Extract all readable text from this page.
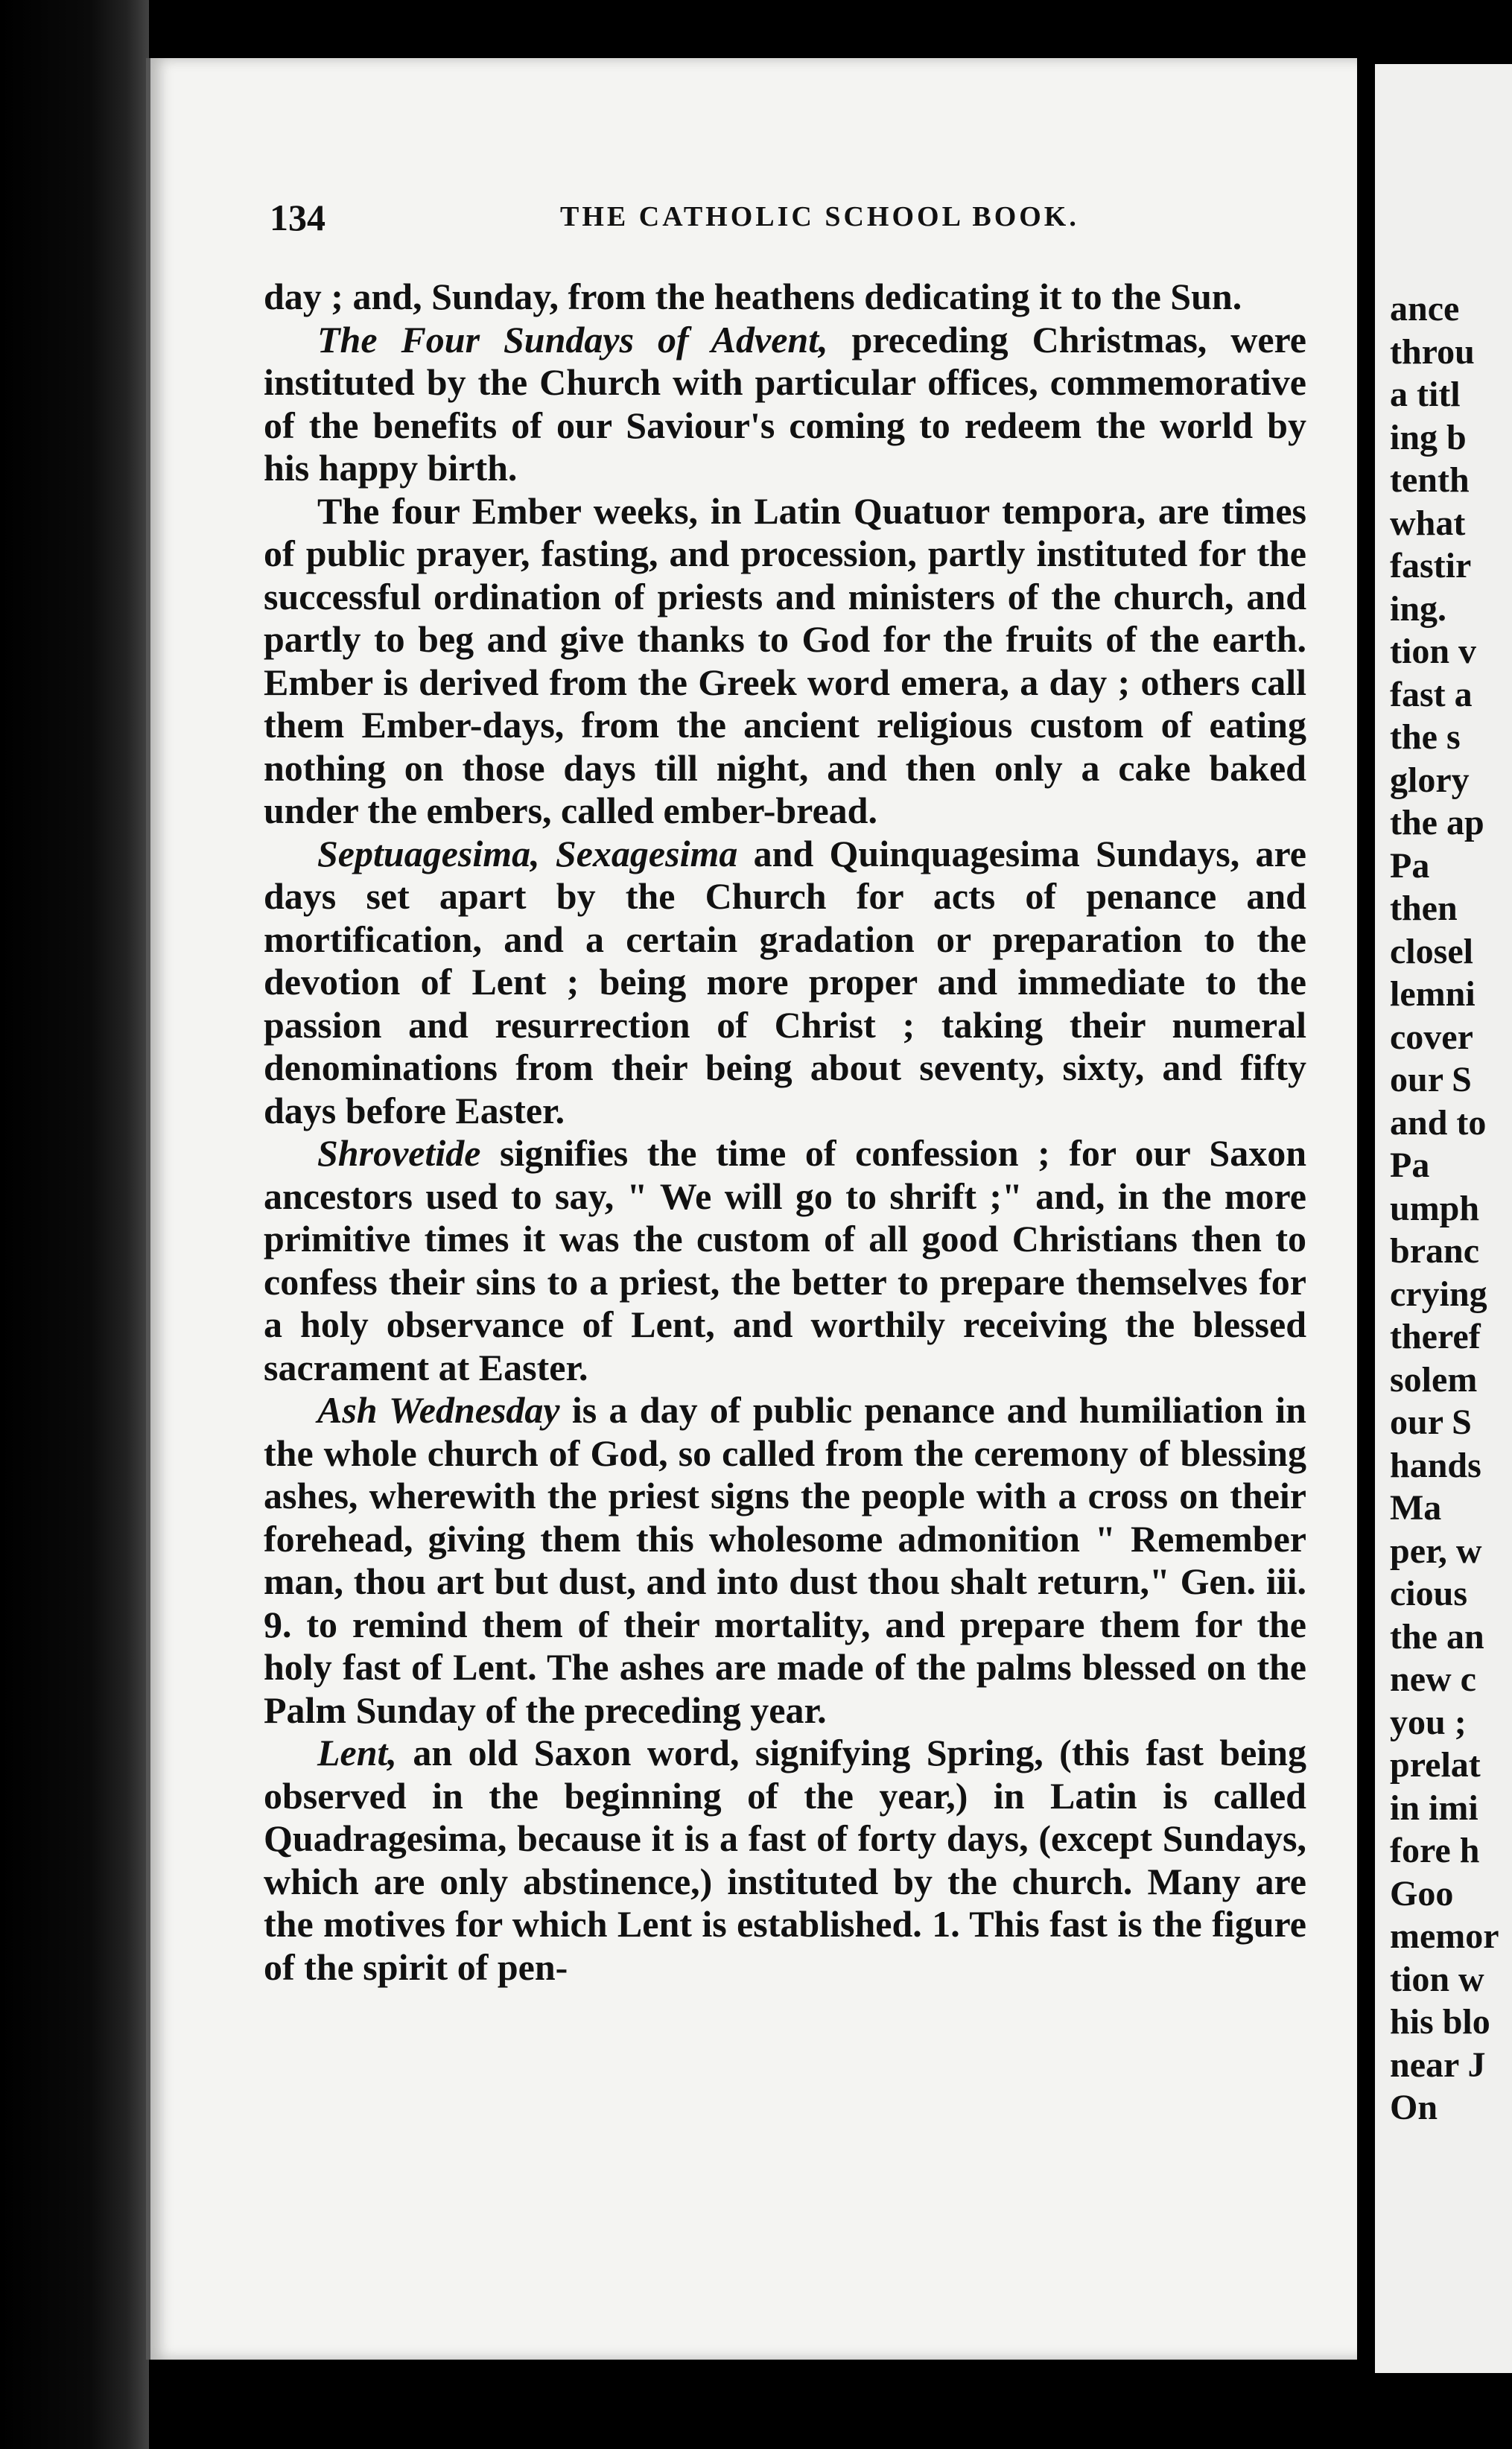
134	THE CATHOLIC SCHOOL BOOK.

day ; and, Sunday, from the heathens dedicating it to the Sun.

The Four Sundays of Advent, preceding Christmas, were instituted by the Church with particular offices, commemorative of the benefits of our Saviour's coming to redeem the world by his happy birth.

The four Ember weeks, in Latin Quatuor tempora, are times of public prayer, fasting, and procession, partly instituted for the successful ordination of priests and ministers of the church, and partly to beg and give thanks to God for the fruits of the earth. Ember is derived from the Greek word emera, a day ; others call them Ember-days, from the ancient religious custom of eating nothing on those days till night, and then only a cake baked under the embers, called ember-bread.

Septuagesima, Sexagesima and Quinquagesima Sundays, are days set apart by the Church for acts of penance and mortification, and a certain gradation or preparation to the devotion of Lent ; being more proper and immediate to the passion and resurrection of Christ ; taking their numeral denominations from their being about seventy, sixty, and fifty days before Easter.

Shrovetide signifies the time of confession ; for our Saxon ancestors used to say, " We will go to shrift ;" and, in the more primitive times it was the custom of all good Christians then to confess their sins to a priest, the better to prepare themselves for a holy observance of Lent, and worthily receiving the blessed sacrament at Easter.

Ash Wednesday is a day of public penance and humiliation in the whole church of God, so called from the ceremony of blessing ashes, wherewith the priest signs the people with a cross on their forehead, giving them this wholesome admonition " Remember man, thou art but dust, and into dust thou shalt return," Gen. iii. 9. to remind them of their mortality, and prepare them for the holy fast of Lent. The ashes are made of the palms blessed on the Palm Sunday of the preceding year.

Lent, an old Saxon word, signifying Spring, (this fast being observed in the beginning of the year,) in Latin is called Quadragesima, because it is a fast of forty days, (except Sundays, which are only abstinence,) instituted by the church. Many are the motives for which Lent is established. 1. This fast is the figure of the spirit of pen-

ance
throu
a titl
ing b
tenth
what
fastir
ing.
tion v
fast a
the s
glory
the ap
Pa
then
closel
lemni
cover
our S
and to
Pa
umph
branc
crying
theref
solem
our S
hands
Ma
per, w
cious
the an
new c
you ;
prelat
in imi
fore h
Goo
memor
tion w
his blo
near J
On
